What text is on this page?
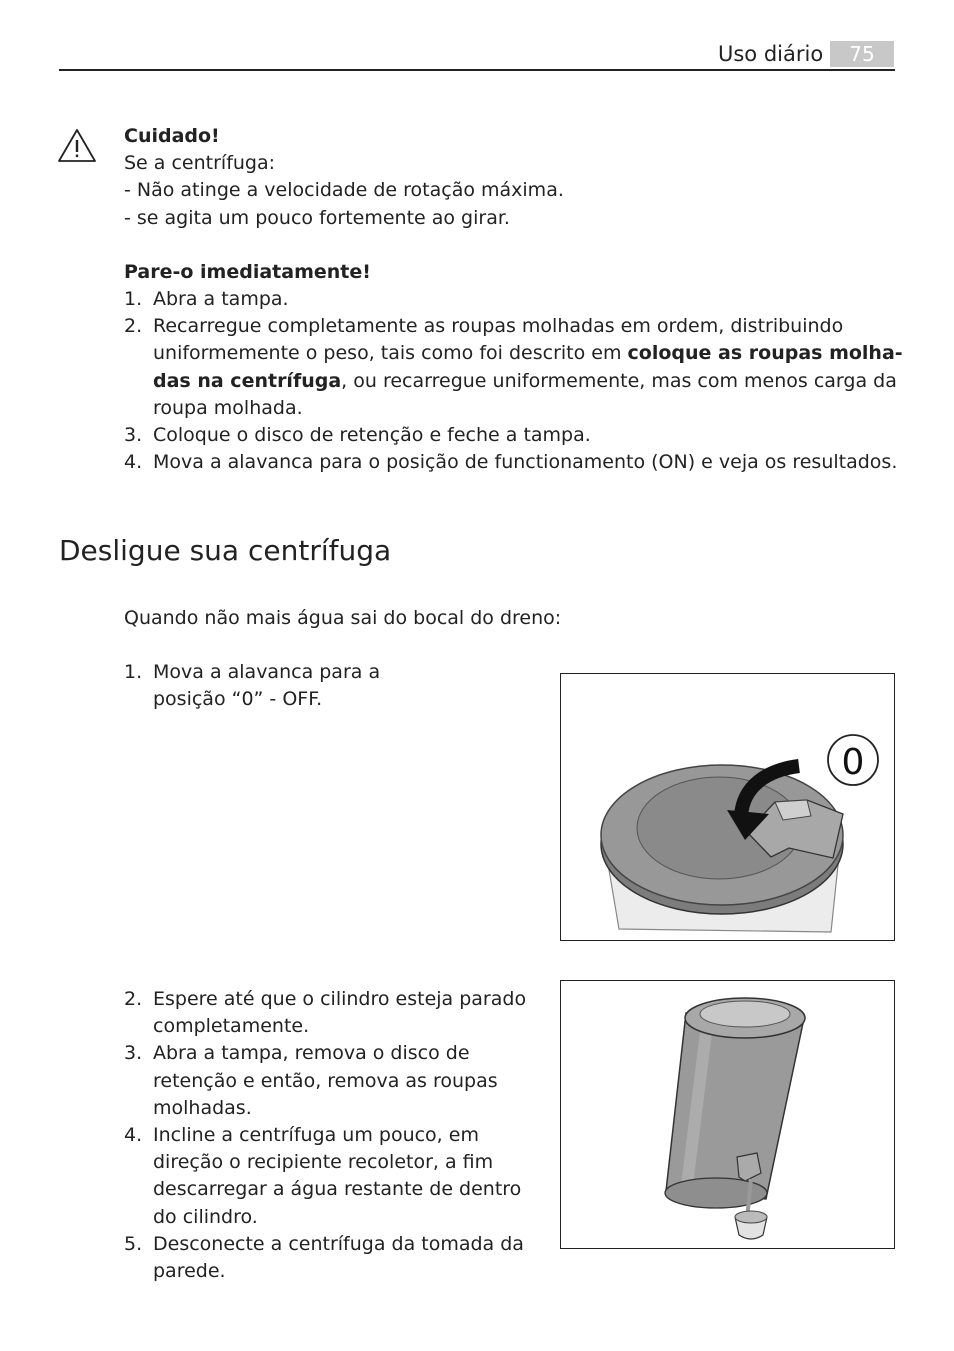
Uso diário	75

Cuidado!

Se a centrífuga:

- Não atinge a velocidade de rotação máxima.

- se agita um pouco fortemente ao girar.

Pare-o imediatamente!

1. Abra a tampa.
2. Recarregue completamente as roupas molhadas em ordem, distribuindo uniformemente o peso, tais como foi descrito em coloque as roupas molha-das na centrífuga, ou recarregue uniformemente, mas com menos carga da roupa molhada.
3. Coloque o disco de retenção e feche a tampa.
4. Mova a alavanca para o posição de functionamento (ON) e veja os resultados.
Desligue sua centrífuga
Quando não mais água sai do bocal do dreno:
1. Mova a alavanca para a posição “0” - OFF.
0
2. Espere até que o cilindro esteja parado completamente.
3. Abra a tampa, remova o disco de retenção e então, remova as roupas molhadas.
4. Incline a centrífuga um pouco, em direção o recipiente recoletor, a fim descarregar a água restante de dentro do cilindro.
5. Desconecte a centrífuga da tomada da parede.
